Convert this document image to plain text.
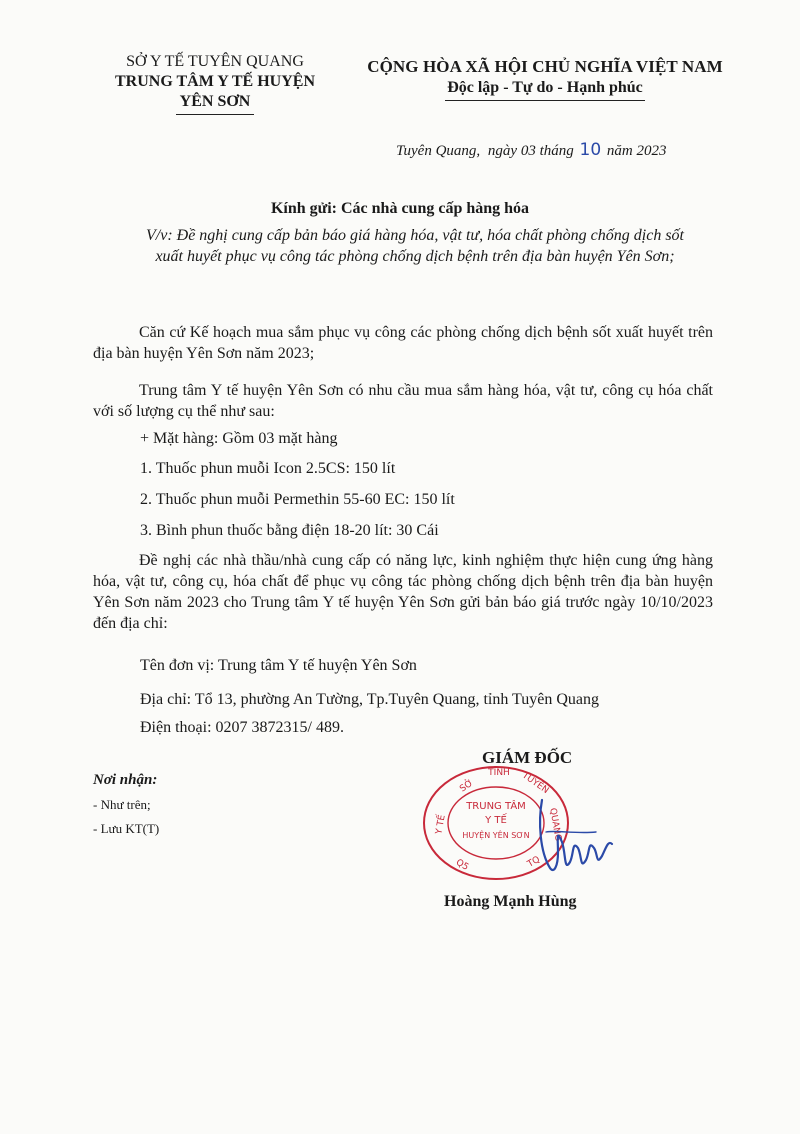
SỞ Y TẾ TUYÊN QUANG
TRUNG TÂM Y TẾ HUYỆN
YÊN SƠN
CỘNG HÒA XÃ HỘI CHỦ NGHĨA VIỆT NAM
Độc lập - Tự do - Hạnh phúc
Tuyên Quang, ngày 03 tháng 10 năm 2023
Kính gửi: Các nhà cung cấp hàng hóa
V/v: Đề nghị cung cấp bản báo giá hàng hóa, vật tư, hóa chất phòng chống dịch sốt xuất huyết phục vụ công tác phòng chống dịch bệnh trên địa bàn huyện Yên Sơn;
Căn cứ Kế hoạch mua sắm phục vụ công các phòng chống dịch bệnh sốt xuất huyết trên địa bàn huyện Yên Sơn năm 2023;
Trung tâm Y tế huyện Yên Sơn có nhu cầu mua sắm hàng hóa, vật tư, công cụ hóa chất với số lượng cụ thể như sau:
+ Mặt hàng: Gồm 03 mặt hàng
1. Thuốc phun muỗi Icon 2.5CS: 150 lít
2. Thuốc phun muỗi Permethin 55-60 EC: 150 lít
3. Bình phun thuốc bằng điện 18-20 lít: 30 Cái
Đề nghị các nhà thầu/nhà cung cấp có năng lực, kinh nghiệm thực hiện cung ứng hàng hóa, vật tư, công cụ, hóa chất để phục vụ công tác phòng chống dịch bệnh trên địa bàn huyện Yên Sơn năm 2023 cho Trung tâm Y tế huyện Yên Sơn gửi bản báo giá trước ngày 10/10/2023 đến địa chỉ:
Tên đơn vị: Trung tâm Y tế huyện Yên Sơn
Địa chỉ: Tổ 13, phường An Tường, Tp.Tuyên Quang, tỉnh Tuyên Quang
Điện thoại: 0207 3872315/ 489.
GIÁM ĐỐC
Nơi nhận:
- Như trên;
- Lưu KT(T)
SỞ
Y TẾ
TỈNH TUYÊN
QUANG
Q5	TQ
TRUNG TÂM
Y TẾ
HUYỆN YÊN SƠN
Hoàng Mạnh Hùng
